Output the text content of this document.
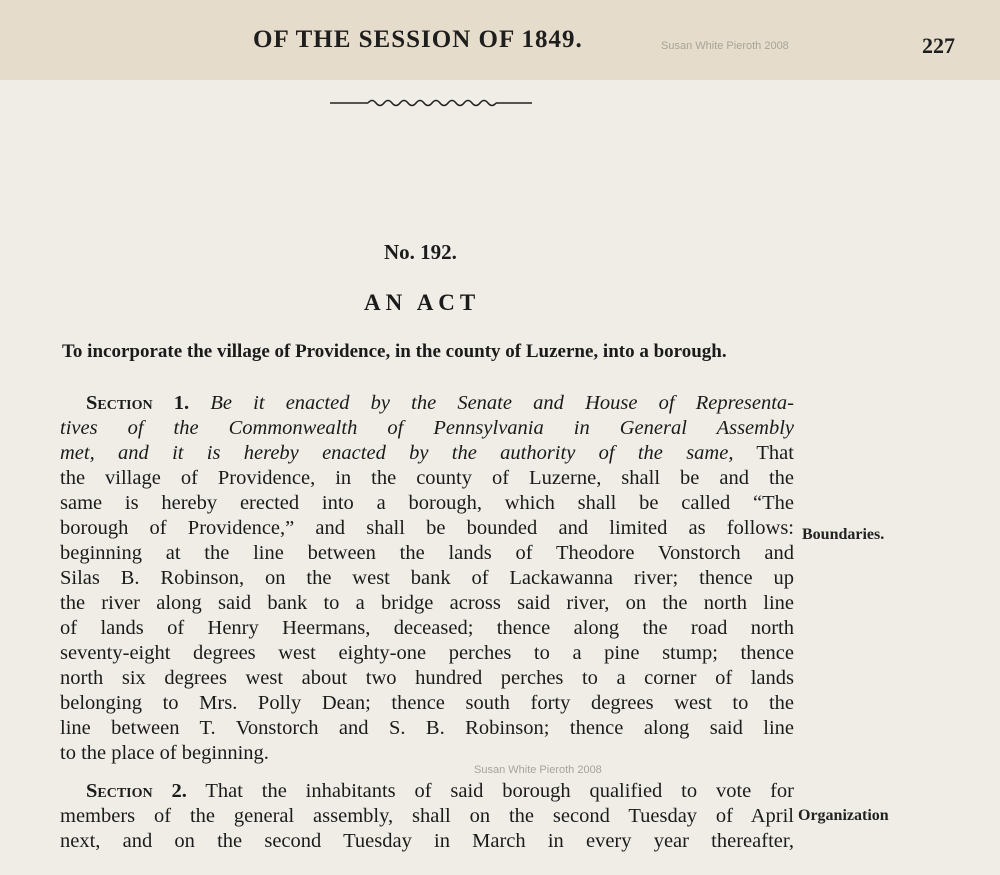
OF THE SESSION OF 1849.	227
Susan White Pieroth 2008
No. 192.
AN ACT
To incorporate the village of Providence, in the county of Luzerne, into a borough.
Section 1. Be it enacted by the Senate and House of Representa-
tives of the Commonwealth of Pennsylvania in General Assembly
met, and it is hereby enacted by the authority of the same, That
the village of Providence, in the county of Luzerne, shall be and the
same is hereby erected into a borough, which shall be called “The
borough of Providence,” and shall be bounded and limited as follows:
beginning at the line between the lands of Theodore Vonstorch and
Silas B. Robinson, on the west bank of Lackawanna river; thence up
the river along said bank to a bridge across said river, on the north line
of lands of Henry Heermans, deceased; thence along the road north
seventy-eight degrees west eighty-one perches to a pine stump; thence
north six degrees west about two hundred perches to a corner of lands
belonging to Mrs. Polly Dean; thence south forty degrees west to the
line between T. Vonstorch and S. B. Robinson; thence along said line
to the place of beginning.
Susan White Pieroth 2008
Section 2. That the inhabitants of said borough qualified to vote for
members of the general assembly, shall on the second Tuesday of April
next, and on the second Tuesday in March in every year thereafter,
Boundaries.
Organization
